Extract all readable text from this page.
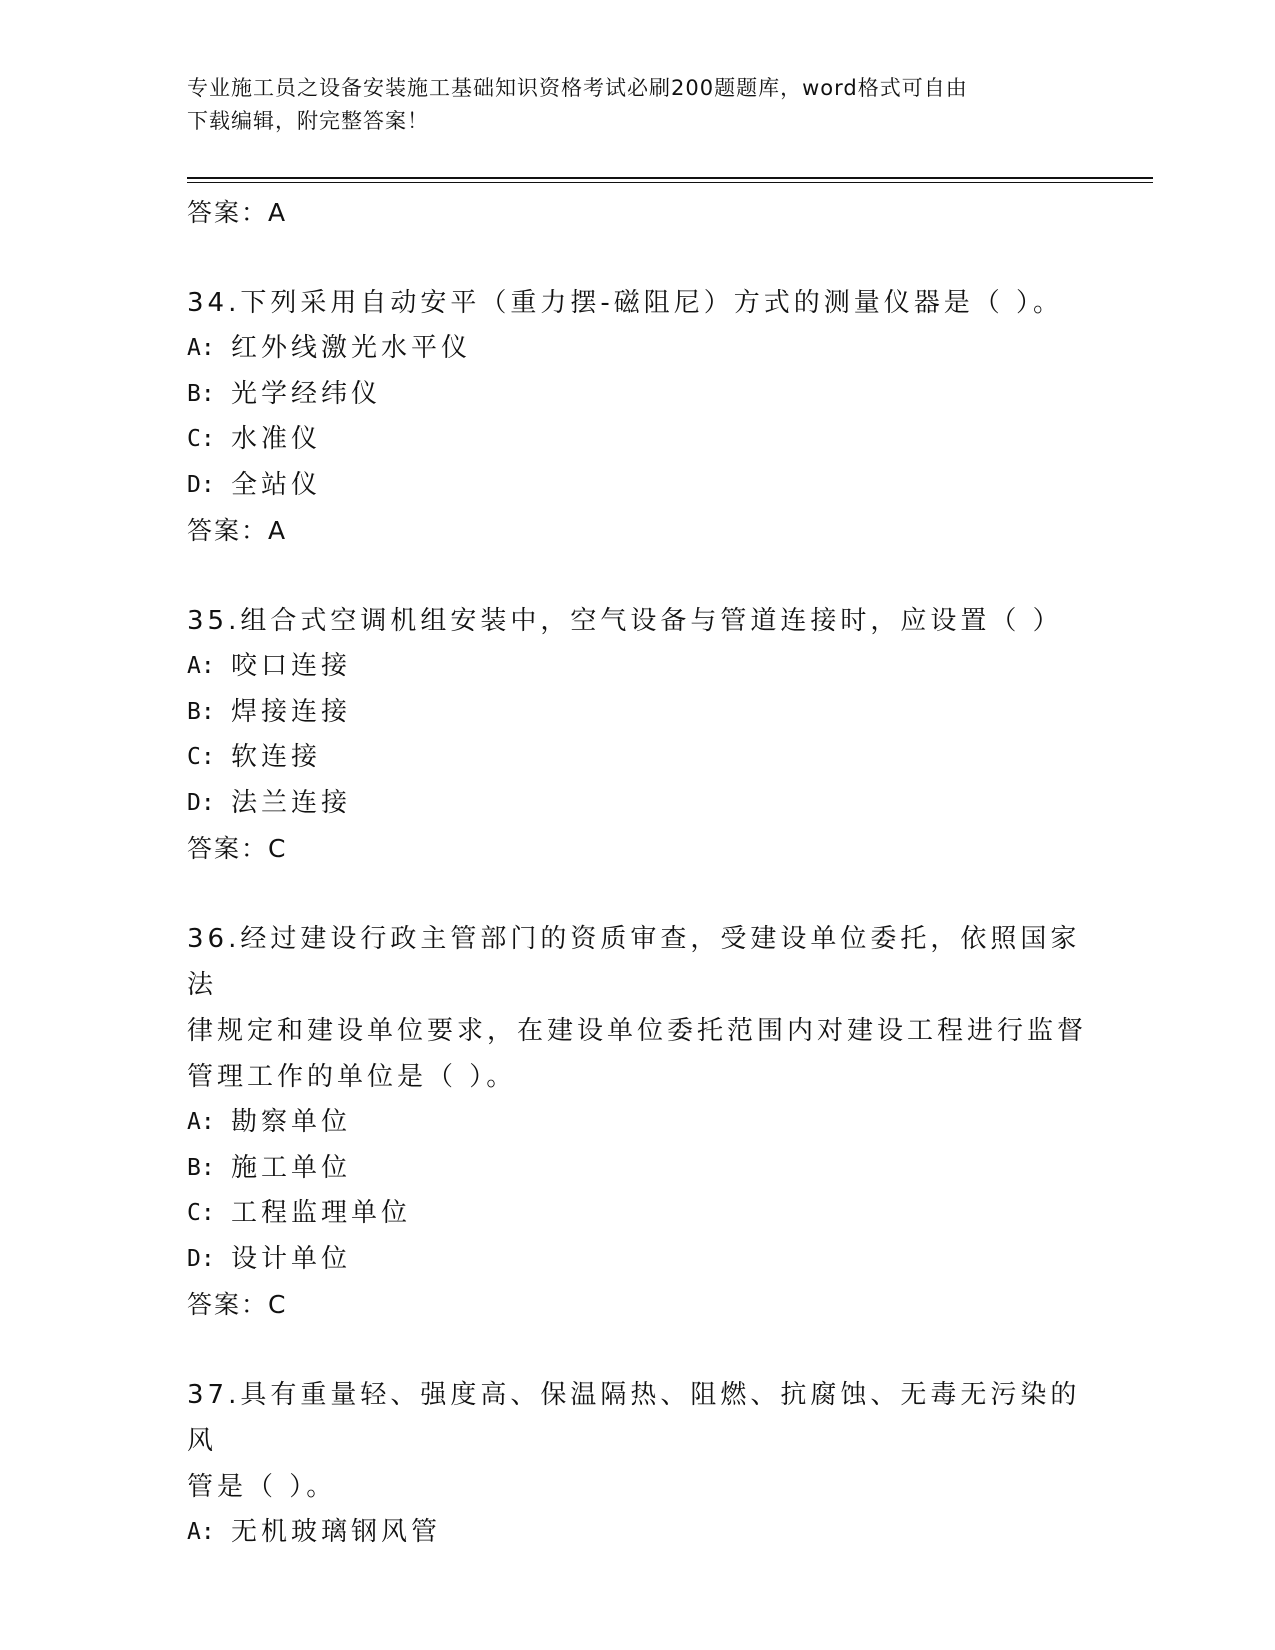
专业施工员之设备安装施工基础知识资格考试必刷200题题库，word格式可自由
下载编辑，附完整答案！
答案：A
34.下列采用自动安平（重力摆-磁阻尼）方式的测量仪器是（ ）。
A: 红外线激光水平仪
B: 光学经纬仪
C: 水准仪
D: 全站仪
答案：A
35.组合式空调机组安装中，空气设备与管道连接时，应设置（ ）
A: 咬口连接
B: 焊接连接
C: 软连接
D: 法兰连接
答案：C
36.经过建设行政主管部门的资质审查，受建设单位委托，依照国家法
律规定和建设单位要求，在建设单位委托范围内对建设工程进行监督
管理工作的单位是（ ）。
A: 勘察单位
B: 施工单位
C: 工程监理单位
D: 设计单位
答案：C
37.具有重量轻、强度高、保温隔热、阻燃、抗腐蚀、无毒无污染的风
管是（ ）。
A: 无机玻璃钢风管
